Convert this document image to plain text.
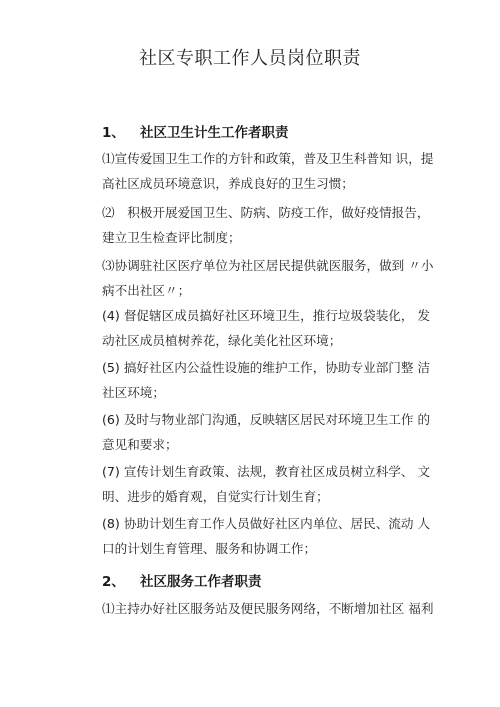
社区专职工作人员岗位职责
1、 社区卫生计生工作者职责
⑴宣传爱国卫生工作的方针和政策，普及卫生科普知 识，提
高社区成员环境意识，养成良好的卫生习惯；
⑵　积极开展爱国卫生、防病、防疫工作，做好疫情报告，
建立卫生检查评比制度；
⑶协调驻社区医疗单位为社区居民提供就医服务，做到 〃小
病不出社区〃；
(4) 督促辖区成员搞好社区环境卫生，推行垃圾袋装化， 发
动社区成员植树养花，绿化美化社区环境；
(5) 搞好社区内公益性设施的维护工作，协助专业部门整 洁
社区环境；
(6) 及时与物业部门沟通，反映辖区居民对环境卫生工作 的
意见和要求；
(7) 宣传计划生育政策、法规，教育社区成员树立科学、 文
明、进步的婚育观，自觉实行计划生育；
(8) 协助计划生育工作人员做好社区内单位、居民、流动 人
口的计划生育管理、服务和协调工作；
2、 社区服务工作者职责
⑴主持办好社区服务站及便民服务网络，不断增加社区 福利
